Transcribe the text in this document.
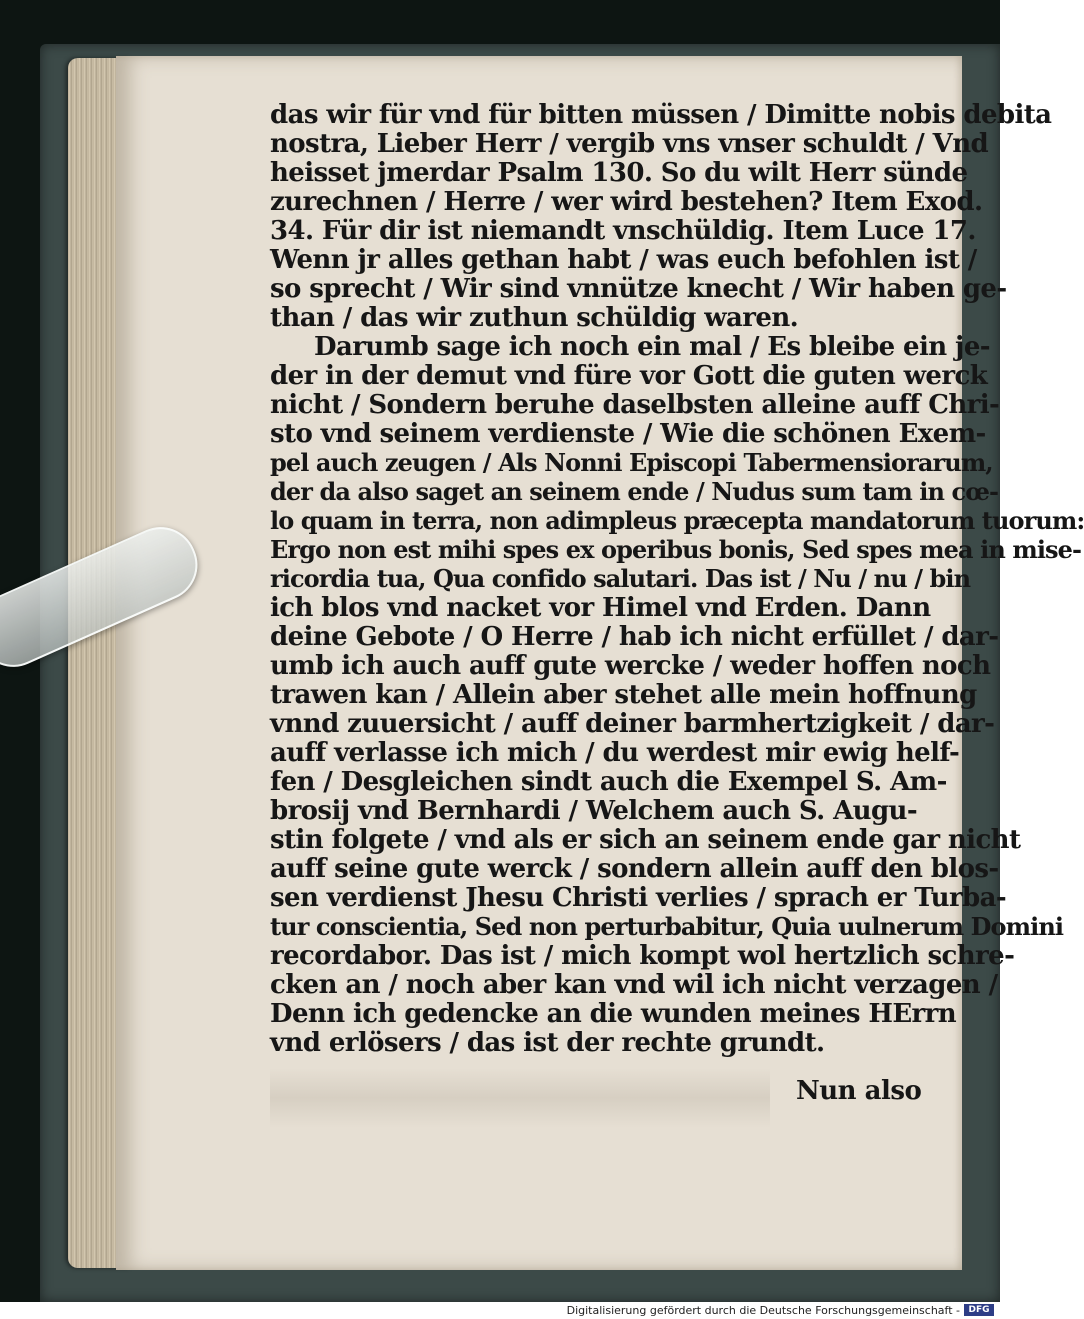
das wir für vnd für bitten müssen / Dimitte nobis debita
nostra, Lieber Herr / vergib vns vnser schuldt / Vnd
heisset jmerdar Psalm 130. So du wilt Herr sünde
zurechnen / Herre / wer wird bestehen? Item Exod.
34. Für dir ist niemandt vnschüldig. Item Luce 17.
Wenn jr alles gethan habt / was euch befohlen ist /
so sprecht / Wir sind vnnütze knecht / Wir haben ge-
than / das wir zuthun schüldig waren.
Darumb sage ich noch ein mal / Es bleibe ein je-
der in der demut vnd füre vor Gott die guten werck
nicht / Sondern beruhe daselbsten alleine auff Chri-
sto vnd seinem verdienste / Wie die schönen Exem-
pel auch zeugen / Als Nonni Episcopi Tabermensiorarum,
der da also saget an seinem ende / Nudus sum tam in cœ-
lo quam in terra, non adimpleus præcepta mandatorum tuorum:
Ergo non est mihi spes ex operibus bonis, Sed spes mea in mise-
ricordia tua, Qua confido salutari. Das ist / Nu / nu / bin
ich blos vnd nacket vor Himel vnd Erden. Dann
deine Gebote / O Herre / hab ich nicht erfüllet / dar-
umb ich auch auff gute wercke / weder hoffen noch
trawen kan / Allein aber stehet alle mein hoffnung
vnnd zuuersicht / auff deiner barmhertzigkeit / dar-
auff verlasse ich mich / du werdest mir ewig helf-
fen / Desgleichen sindt auch die Exempel S. Am-
brosij vnd Bernhardi / Welchem auch S. Augu-
stin folgete / vnd als er sich an seinem ende gar nicht
auff seine gute werck / sondern allein auff den blos-
sen verdienst Jhesu Christi verlies / sprach er Turba-
tur conscientia, Sed non perturbabitur, Quia uulnerum Domini
recordabor. Das ist / mich kompt wol hertzlich schre-
cken an / noch aber kan vnd wil ich nicht verzagen /
Denn ich gedencke an die wunden meines HErrn
vnd erlösers / das ist der rechte grundt.
Nun also
Digitalisierung gefördert durch die Deutsche Forschungsgemeinschaft - DFG
